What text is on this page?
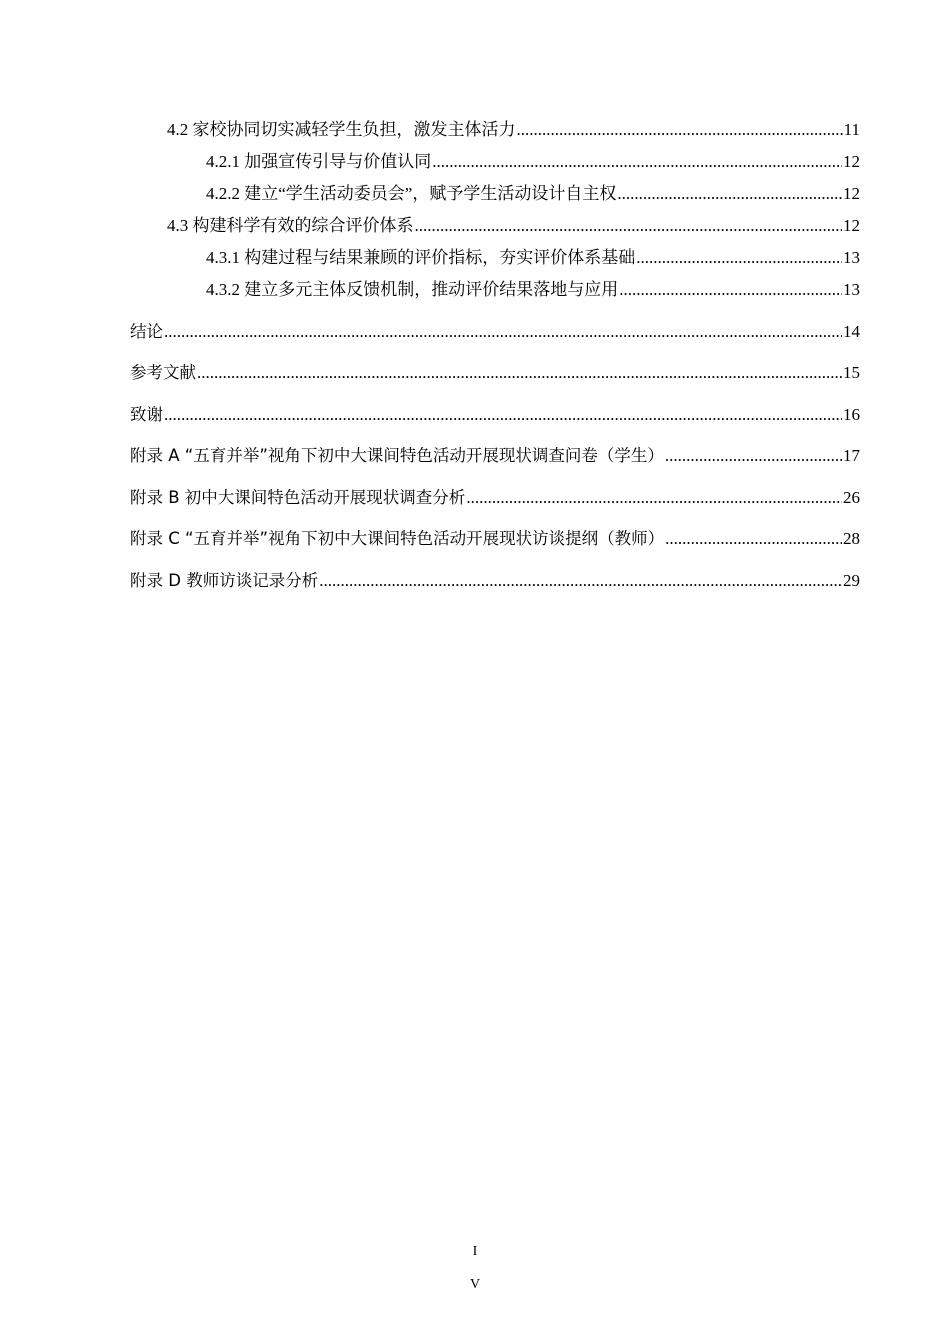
4.2 家校协同切实减轻学生负担，激发主体活力 .....	11
4.2.1 加强宣传引导与价值认同 .....	12
4.2.2 建立“学生活动委员会”，赋予学生活动设计自主权 .....	12
4.3 构建科学有效的综合评价体系 .....	12
4.3.1 构建过程与结果兼顾的评价指标，夯实评价体系基础 .....	13
4.3.2 建立多元主体反馈机制，推动评价结果落地与应用 .....	13
结论 .....	14
参考文献 .....	15
致谢 .....	16
附录 A “五育并举”视角下初中大课间特色活动开展现状调查问卷（学生） .....	17
附录 B 初中大课间特色活动开展现状调查分析 .....	26
附录 C “五育并举”视角下初中大课间特色活动开展现状访谈提纲（教师） .....	28
附录 D 教师访谈记录分析 .....	29
I
V
